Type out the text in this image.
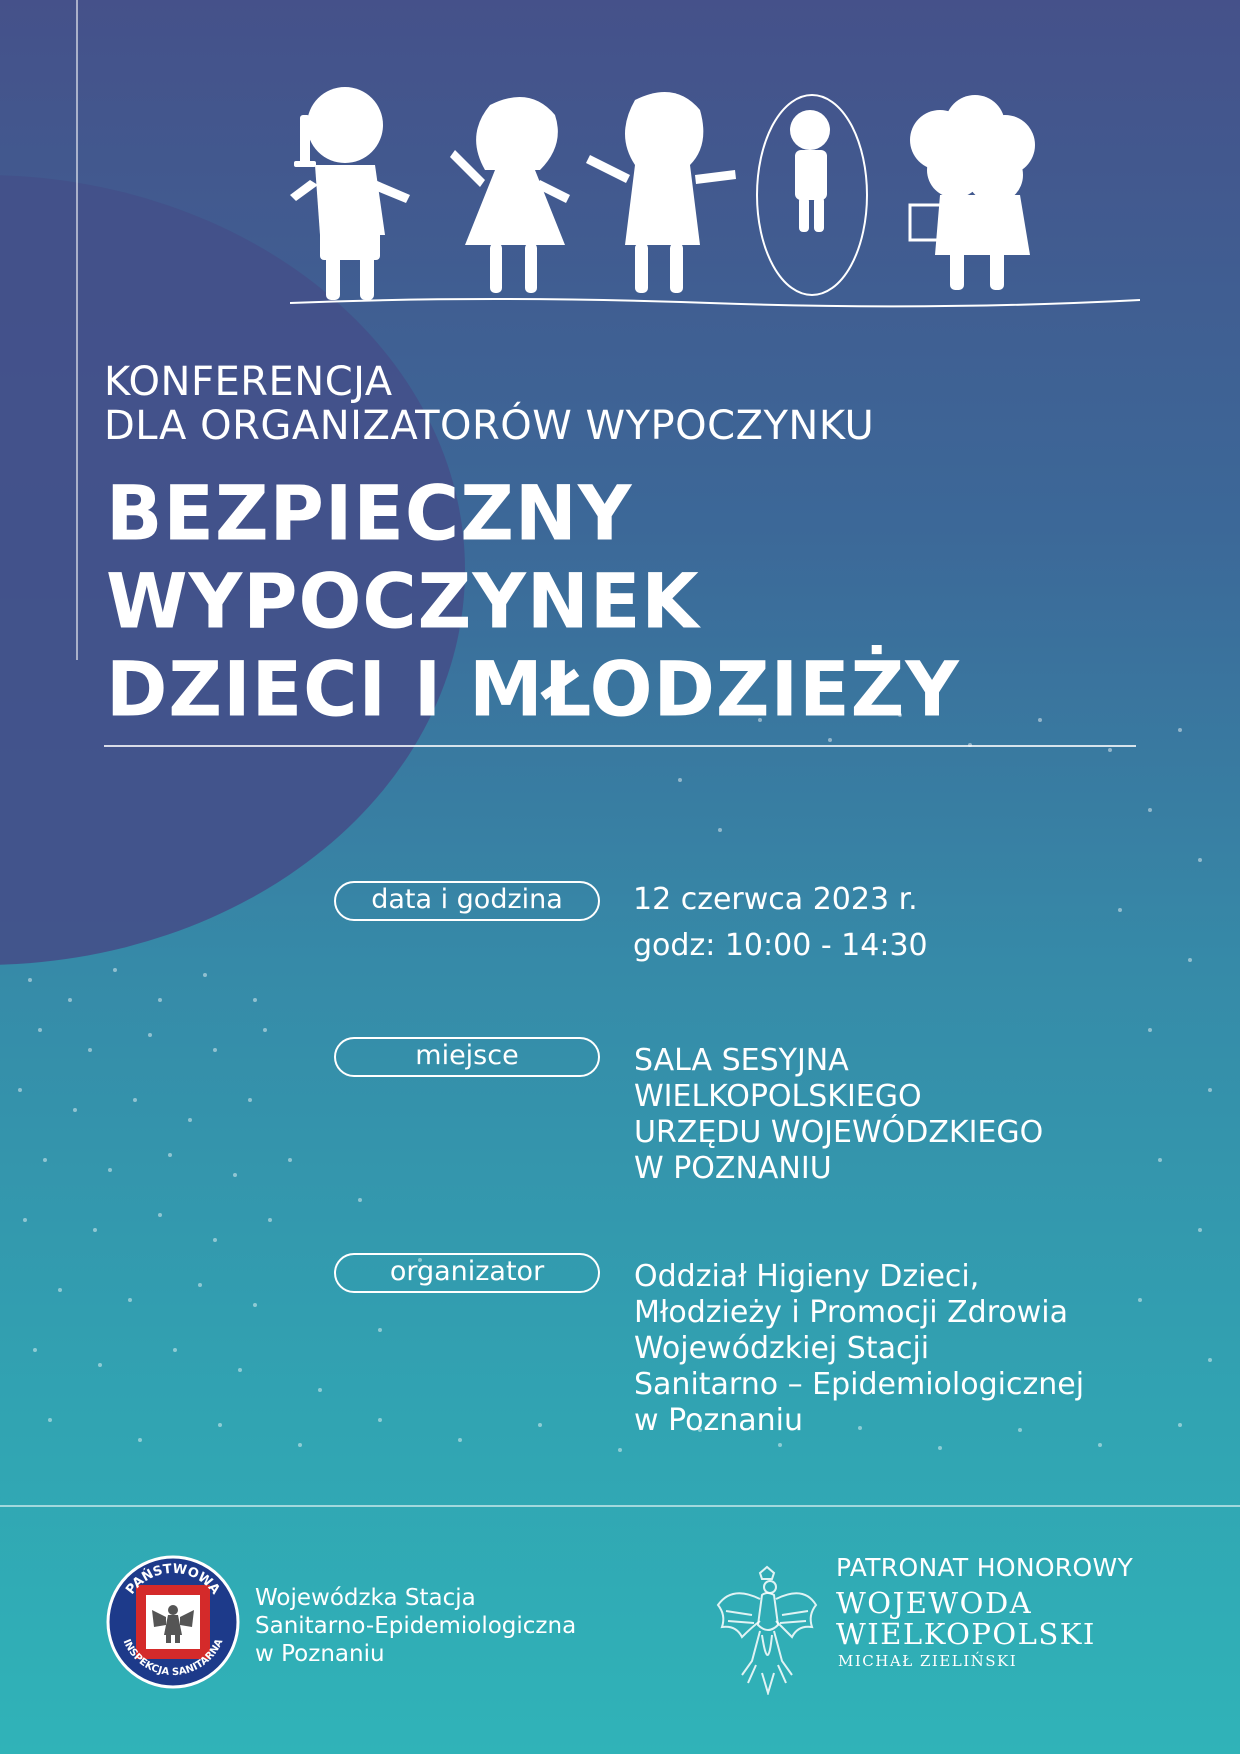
KONFERENCJA
DLA ORGANIZATORÓW WYPOCZYNKU
BEZPIECZNY
WYPOCZYNEK
DZIECI I MŁODZIEŻY
data i godzina	12 czerwca 2023 r.
godz: 10:00 - 14:30
miejsce	SALA SESYJNA
WIELKOPOLSKIEGO
URZĘDU WOJEWÓDZKIEGO
W POZNANIU
organizator	Oddział Higieny Dzieci,
Młodzieży i Promocji Zdrowia
Wojewódzkiej Stacji
Sanitarno – Epidemiologicznej
w Poznaniu
PAŃSTWOWA
INSPEKCJA SANITARNA
Wojewódzka Stacja
Sanitarno-Epidemiologiczna
w Poznaniu
PATRONAT HONOROWY
WOJEWODA
WIELKOPOLSKI
MICHAŁ ZIELIŃSKI
